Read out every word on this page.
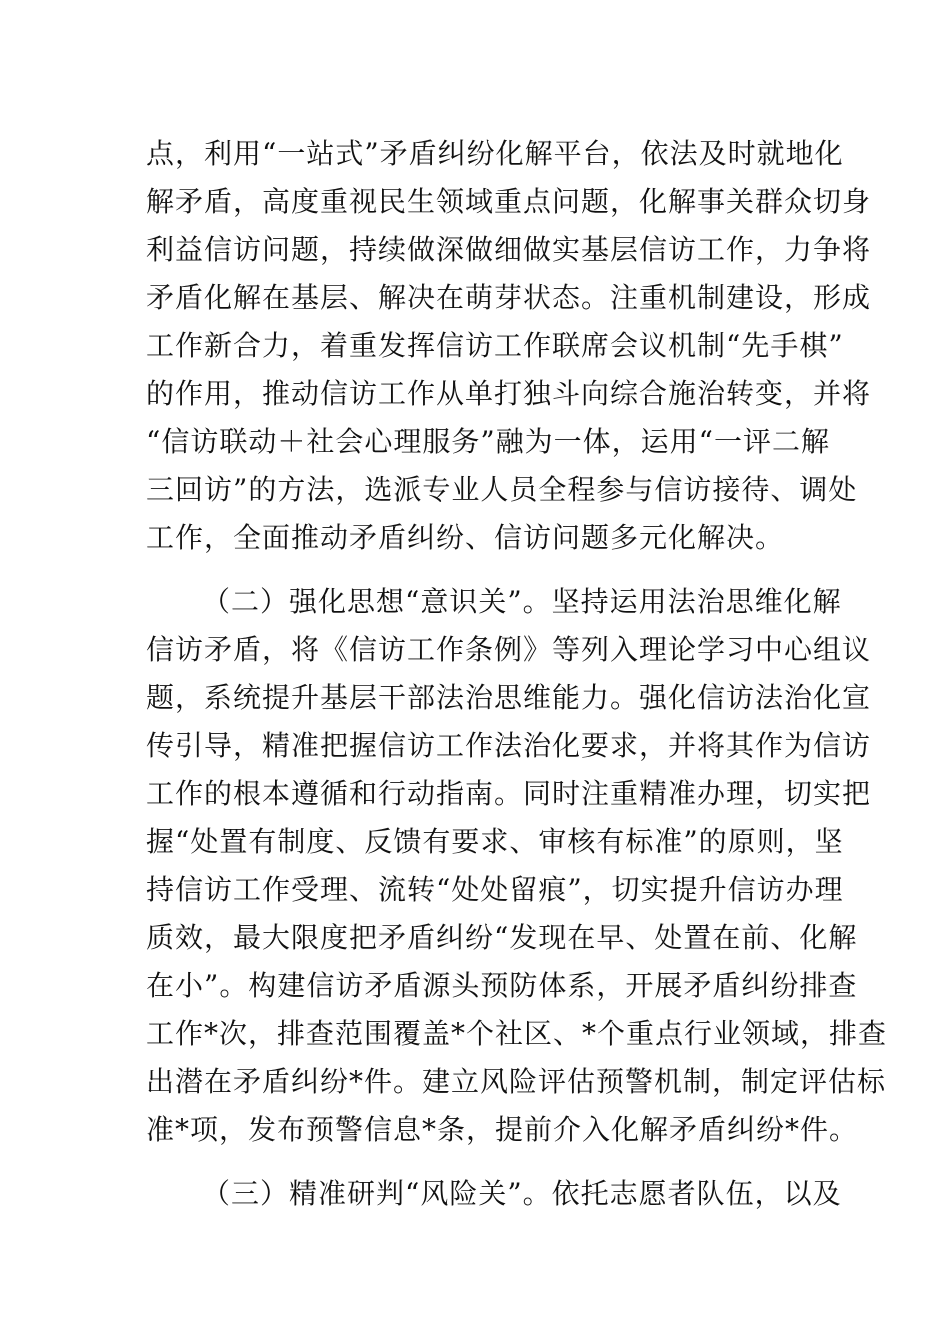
点，利用“一站式”矛盾纠纷化解平台，依法及时就地化
解矛盾，高度重视民生领域重点问题，化解事关群众切身
利益信访问题，持续做深做细做实基层信访工作，力争将
矛盾化解在基层、解决在萌芽状态。注重机制建设，形成
工作新合力，着重发挥信访工作联席会议机制“先手棋”
的作用，推动信访工作从单打独斗向综合施治转变，并将
“信访联动＋社会心理服务”融为一体，运用“一评二解
三回访”的方法，选派专业人员全程参与信访接待、调处
工作，全面推动矛盾纠纷、信访问题多元化解决。
（二）强化思想“意识关”。坚持运用法治思维化解
信访矛盾，将《信访工作条例》等列入理论学习中心组议
题，系统提升基层干部法治思维能力。强化信访法治化宣
传引导，精准把握信访工作法治化要求，并将其作为信访
工作的根本遵循和行动指南。同时注重精准办理，切实把
握“处置有制度、反馈有要求、审核有标准”的原则，坚
持信访工作受理、流转“处处留痕”，切实提升信访办理
质效，最大限度把矛盾纠纷“发现在早、处置在前、化解
在小”。构建信访矛盾源头预防体系，开展矛盾纠纷排查
工作*次，排查范围覆盖*个社区、*个重点行业领域，排查
出潜在矛盾纠纷*件。建立风险评估预警机制，制定评估标
准*项，发布预警信息*条，提前介入化解矛盾纠纷*件。
（三）精准研判“风险关”。依托志愿者队伍，以及
